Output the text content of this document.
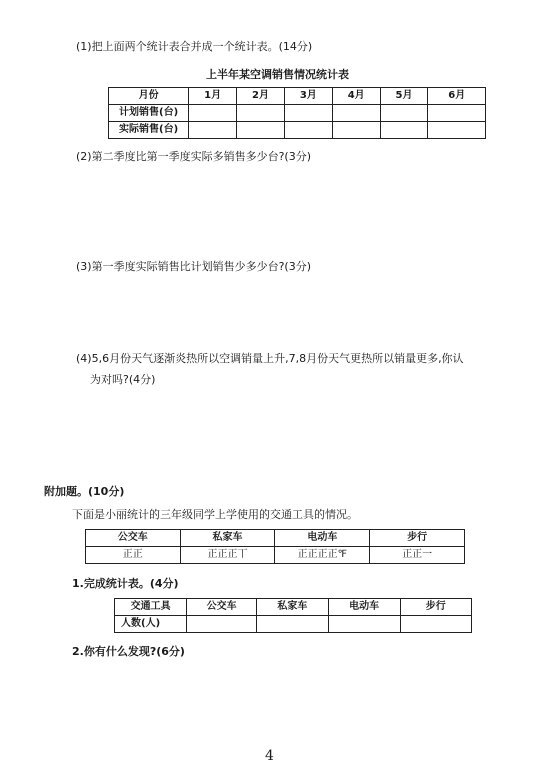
(1)把上面两个统计表合并成一个统计表。(14分)
上半年某空调销售情况统计表
月份	1月	2月	3月	4月	5月	6月
计划销售(台)						
实际销售(台)						
(2)第二季度比第一季度实际多销售多少台?(3分)
(3)第一季度实际销售比计划销售少多少台?(3分)
(4)5,6月份天气逐渐炎热所以空调销量上升,7,8月份天气更热所以销量更多,你认
为对吗?(4分)
附加题。(10分)
下面是小丽统计的三年级同学上学使用的交通工具的情况。
公交车	私家车	电动车	步行
正正	正正正丅	正正正正℉	正正一
1.完成统计表。(4分)
交通工具	公交车	私家车	电动车	步行
人数(人)				
2.你有什么发现?(6分)
4
